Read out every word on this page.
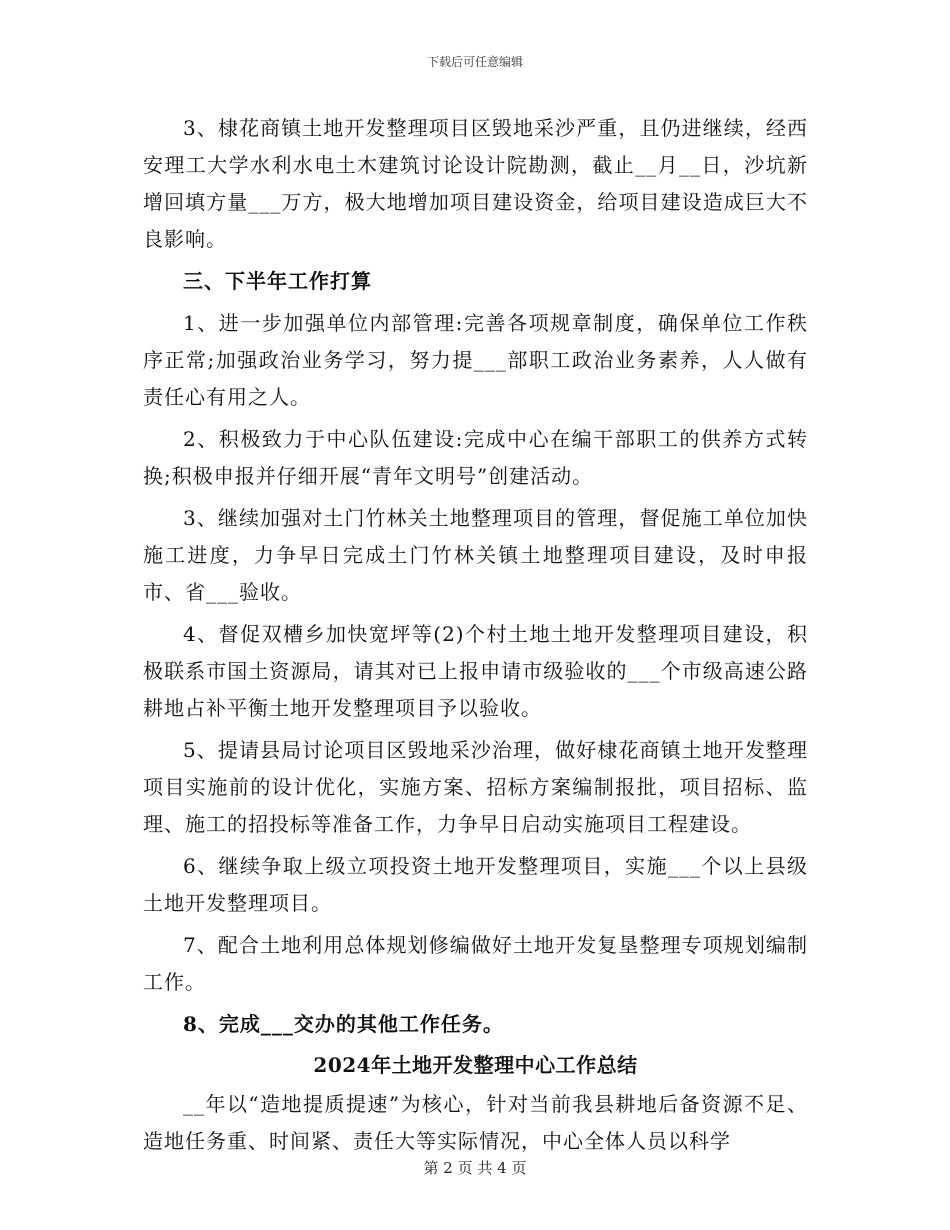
下载后可任意编辑

3、棣花商镇土地开发整理项目区毁地采沙严重，且仍进继续，经西安理工大学水利水电土木建筑讨论设计院勘测，截止__月__日，沙坑新增回填方量___万方，极大地增加项目建设资金，给项目建设造成巨大不良影响。

三、下半年工作打算

1、进一步加强单位内部管理:完善各项规章制度，确保单位工作秩序正常;加强政治业务学习，努力提___部职工政治业务素养，人人做有责任心有用之人。

2、积极致力于中心队伍建设:完成中心在编干部职工的供养方式转换;积极申报并仔细开展“青年文明号”创建活动。

3、继续加强对土门竹林关土地整理项目的管理，督促施工单位加快施工进度，力争早日完成土门竹林关镇土地整理项目建设，及时申报市、省___验收。

4、督促双槽乡加快宽坪等(2)个村土地土地开发整理项目建设，积极联系市国土资源局，请其对已上报申请市级验收的___个市级高速公路耕地占补平衡土地开发整理项目予以验收。

5、提请县局讨论项目区毁地采沙治理，做好棣花商镇土地开发整理项目实施前的设计优化，实施方案、招标方案编制报批，项目招标、监理、施工的招投标等准备工作，力争早日启动实施项目工程建设。

6、继续争取上级立项投资土地开发整理项目，实施___个以上县级土地开发整理项目。

7、配合土地利用总体规划修编做好土地开发复垦整理专项规划编制工作。

8、完成___交办的其他工作任务。

2024年土地开发整理中心工作总结

__年以“造地提质提速”为核心，针对当前我县耕地后备资源不足、造地任务重、时间紧、责任大等实际情况，中心全体人员以科学

第 2 页 共 4 页
